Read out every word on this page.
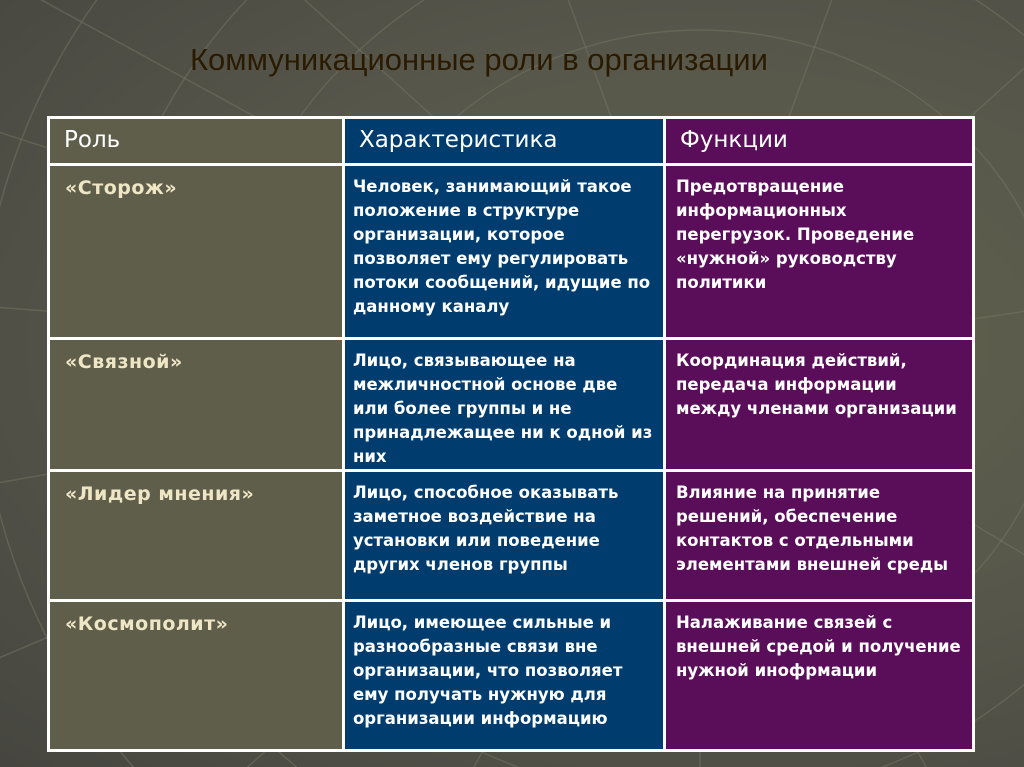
Коммуникационные роли в организации
Роль	Характеристика	Функции

«Сторож»	Человек, занимающий такое положение в структуре организации, которое позволяет ему регулировать потоки сообщений, идущие по данному каналу	Предотвращение информационных перегрузок. Проведение «нужной» руководству политики

«Связной»	Лицо, связывающее на межличностной основе две или более группы и не принадлежащее ни к одной из них	Координация действий, передача информации между членами организации

«Лидер мнения»	Лицо, способное оказывать заметное воздействие на установки или поведение других членов группы	Влияние на принятие решений, обеспечение контактов с отдельными элементами внешней среды

«Космополит»	Лицо, имеющее сильные и разнообразные связи вне организации, что позволяет ему получать нужную для организации информацию	Налаживание связей с внешней средой и получение нужной инофрмации
